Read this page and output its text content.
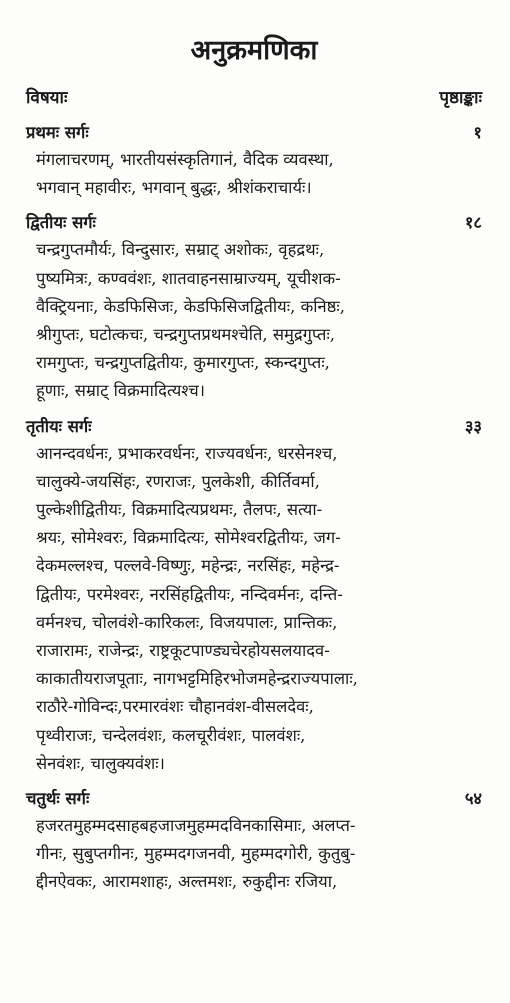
अनुक्रमणिका
विषयाः	पृष्ठाङ्काः
प्रथमः सर्गः	१
मंगलाचरणम्, भारतीयसंस्कृतिगानं, वैदिक व्यवस्था,
भगवान् महावीरः, भगवान् बुद्धः, श्रीशंकराचार्यः।
द्वितीयः सर्गः	१८
चन्द्रगुप्तमौर्यः, विन्दुसारः, सम्राट् अशोकः, वृहद्रथः,
पुष्यमित्रः, कण्ववंशः, शातवाहनसाम्राज्यम्, यूचीशक-
वैक्ट्रियनाः, केडफिसिजः, केडफिसिजद्वितीयः, कनिष्ठः,
श्रीगुप्तः, घटोत्कचः, चन्द्रगुप्तप्रथमश्चेति, समुद्रगुप्तः,
रामगुप्तः, चन्द्रगुप्तद्वितीयः, कुमारगुप्तः, स्कन्दगुप्तः,
हूणाः, सम्राट् विक्रमादित्यश्च।
तृतीयः सर्गः	३३
आनन्दवर्धनः, प्रभाकरवर्धनः, राज्यवर्धनः, धरसेनश्च,
चालुक्ये-जयसिंहः, रणराजः, पुलकेशी, कीर्तिवर्मा,
पुल्केशीद्वितीयः, विक्रमादित्यप्रथमः, तैलपः, सत्या-
श्रयः, सोमेश्वरः, विक्रमादित्यः, सोमेश्वरद्वितीयः, जग-
देकमल्लश्च, पल्लवे-विष्णुः, महेन्द्रः, नरसिंहः, महेन्द्र-
द्वितीयः, परमेश्वरः, नरसिंहद्वितीयः, नन्दिवर्मनः, दन्ति-
वर्मनश्च, चोलवंशे-कारिकलः, विजयपालः, प्रान्तिकः,
राजारामः, राजेन्द्रः, राष्ट्रकूटपाण्ड्यचेरहोयसलयादव-
काकातीयराजपूताः, नागभट्टमिहिरभोजमहेन्द्रराज्यपालाः,
राठौरे-गोविन्दः,परमारवंशः चौहानवंश-वीसलदेवः,
पृथ्वीराजः, चन्देलवंशः, कलचूरीवंशः, पालवंशः,
सेनवंशः, चालुक्यवंशः।
चतुर्थः सर्गः	५४
हजरतमुहम्मदसाहबहजाजमुहम्मदविनकासिमाः, अलप्त-
गीनः, सुबुप्तगीनः, मुहम्मदगजनवी, मुहम्मदगोरी, कुतुबु-
द्दीनऐवकः, आरामशाहः, अल्तमशः, रुकुद्दीनः रजिया,
